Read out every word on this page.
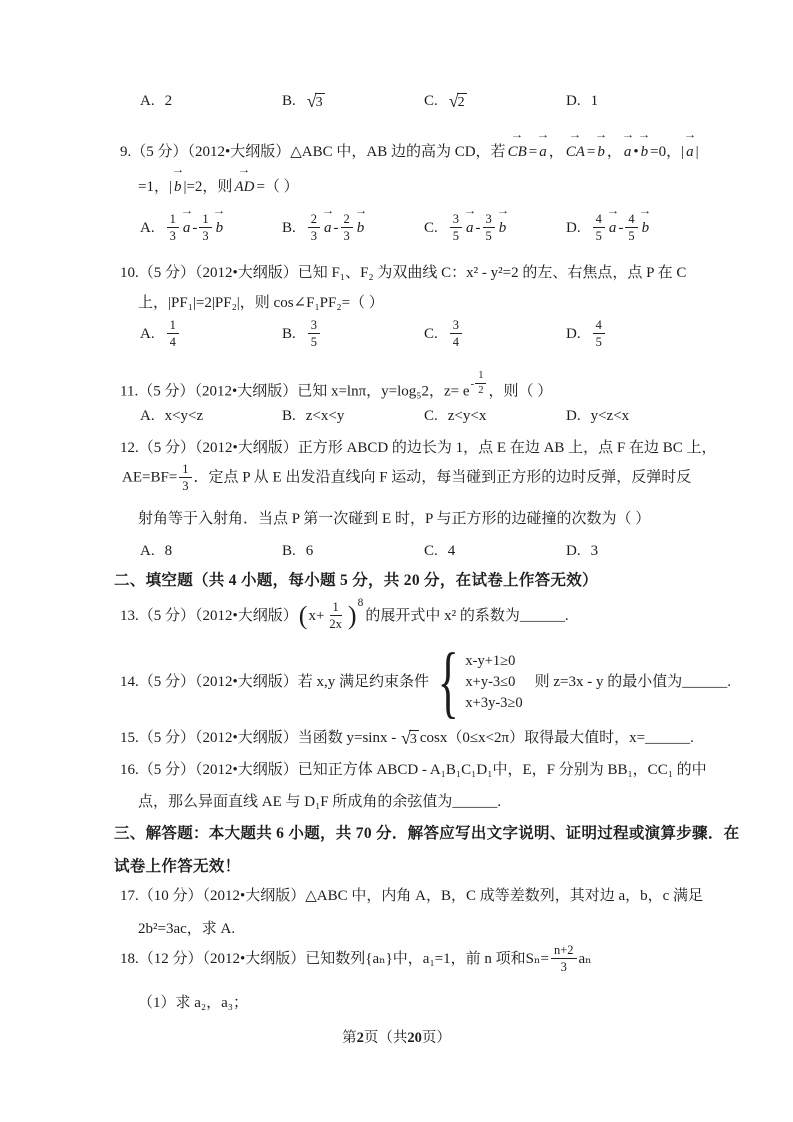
A. 2	B. √ 3	C. √ 2	D. 1
9.（5 分）（2012•大纲版）△ABC 中，AB 边的高为 CD，若
→
CB =
→
a ，
→
CA =
→
b ，
→
a •
→
b =0，|
→
a |
=1，|
→
b |=2，则
→
AD =（ ）
A. $\frac{1}{3}$
→
a - $\frac{1}{3}$
→
b	B. $\frac{2}{3}$
→
a - $\frac{2}{3}$
→
b	C. $\frac{3}{5}$
→
a - $\frac{3}{5}$
→
b	D. $\frac{4}{5}$
→
a - $\frac{4}{5}$
→
b
10.（5 分）（2012•大纲版）已知 F₁、F₂ 为双曲线 C：x² - y²=2 的左、右焦点，点 P 在 C
上，|PF₁|=2|PF₂|，则 cos∠F₁PF₂=（ ）
A. $\frac{1}{4}$	B. $\frac{3}{5}$	C. $\frac{3}{4}$	D. $\frac{4}{5}$
11.（5 分）（2012•大纲版）已知 x=lnπ，y=log₅2，$z= e - \frac{1}{2}$ ，则（ ）
A. x<y<z	B. z<x<y	C. z<y<x	D. y<z<x
12.（5 分）（2012•大纲版）正方形 ABCD 的边长为 1，点 E 在边 AB 上，点 F 在边 BC 上，
$AE=BF= \frac{1}{3}$ ．定点 P 从 E 出发沿直线向 F 运动，每当碰到正方形的边时反弹，反弹时反
射角等于入射角．当点 P 第一次碰到 E 时，P 与正方形的边碰撞的次数为（ ）
A. 8	B. 6	C. 4	D. 3
二、填空题（共 4 小题，每小题 5 分，共 20 分，在试卷上作答无效）
13.（5 分）（2012•大纲版） ( $x+ \frac{1}{2x}$ ) 8
的展开式中 x² 的系数为______.
14.（5 分）（2012•大纲版）若 x,y 满足约束条件 { x-y+1≥0
x+y-3≤0
x+3y-3≥0
则 z=3x - y 的最小值为______.
15.（5 分）（2012•大纲版）当函数 y=sinx - √ 3 cosx（0≤x<2π）取得最大值时，x=______.
16.（5 分）（2012•大纲版）已知正方体 ABCD - A₁B₁C₁D₁中，E，F 分别为 BB₁，CC₁ 的中
点，那么异面直线 AE 与 D₁F 所成角的余弦值为______.
三、解答题：本大题共 6 小题，共 70 分．解答应写出文字说明、证明过程或演算步骤．在
试卷上作答无效！
17.（10 分）（2012•大纲版）△ABC 中，内角 A，B，C 成等差数列，其对边 a，b，c 满足
2b²=3ac，求 A.
18.（12 分）（2012•大纲版）已知数列{aₙ}中，a₁=1，前 n 项和 $S_n= \frac{n+2}{3}$ aₙ
（1）求 a₂，a₃；
第2页（共20页）
